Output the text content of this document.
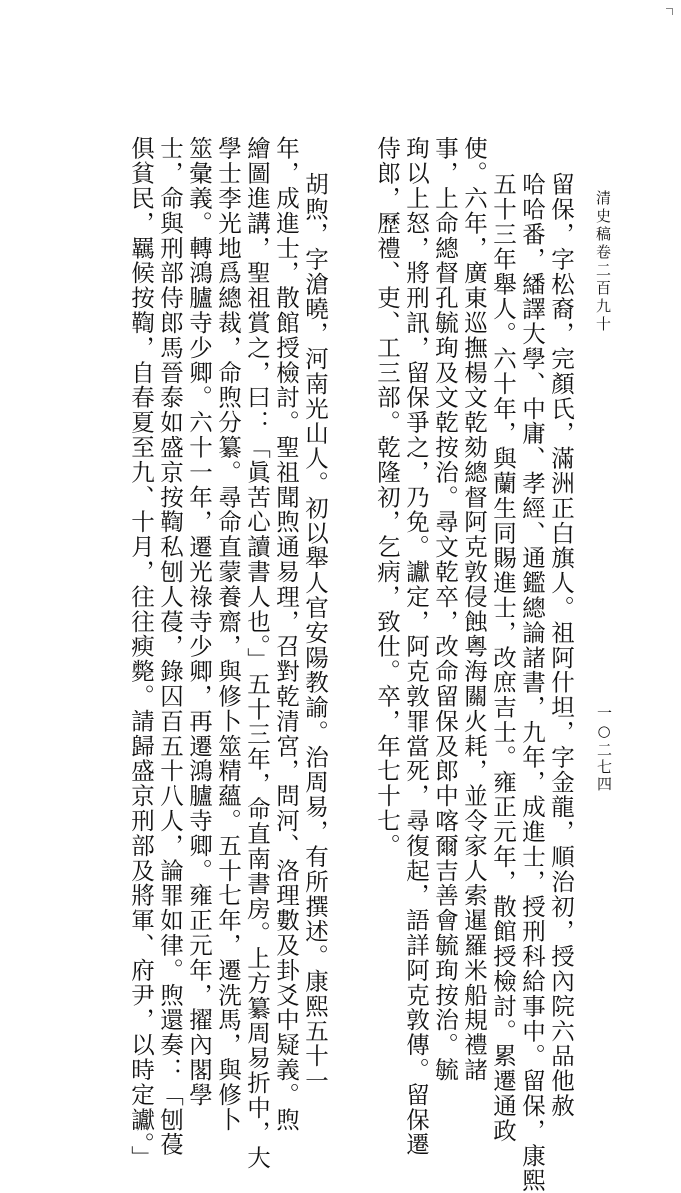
清史稿卷二百九十
一○二七四
留保，字松裔，完顏氏，滿洲正白旗人。祖阿什坦，字金龍，順治初，授內院六品他赦
哈哈番，繙譯大學、中庸、孝經、通鑑總論諸書，九年，成進士，授刑科給事中。留保，康熙
五十三年舉人。六十年，與蘭生同賜進士，改庶吉士。雍正元年，散館授檢討。累遷通政
使。六年，廣東巡撫楊文乾劾總督阿克敦侵蝕粵海關火耗，並令家人索暹羅米船規禮諸
事，上命總督孔毓珣及文乾按治。尋文乾卒，改命留保及郎中喀爾吉善會毓珣按治。毓
珣以上怒，將刑訊，留保爭之，乃免。讞定，阿克敦罪當死，尋復起，語詳阿克敦傳。留保遷
侍郎，歷禮、吏、工三部。乾隆初，乞病，致仕。卒，年七十七。
胡煦，字滄曉，河南光山人。初以舉人官安陽教諭。治周易，有所撰述。康熙五十一
年，成進士，散館授檢討。聖祖聞煦通易理，召對乾清宮，問河、洛理數及卦爻中疑義。煦
繪圖進講，聖祖賞之，曰：「眞苦心讀書人也。」五十三年，命直南書房。上方纂周易折中，大
學士李光地爲總裁，命煦分纂。尋命直蒙養齋，與修卜筮精蘊。五十七年，遷洗馬，與修卜
筮彙義。轉鴻臚寺少卿。六十一年，遷光祿寺少卿，再遷鴻臚寺卿。雍正元年，擢內閣學
士，命與刑部侍郎馬晉泰如盛京按鞫私刨人葠，錄囚百五十八人，論罪如律。煦還奏：「刨葠
俱貧民，羈候按鞫，自春夏至九、十月，往往瘐斃。請歸盛京刑部及將軍、府尹，以時定讞。」
